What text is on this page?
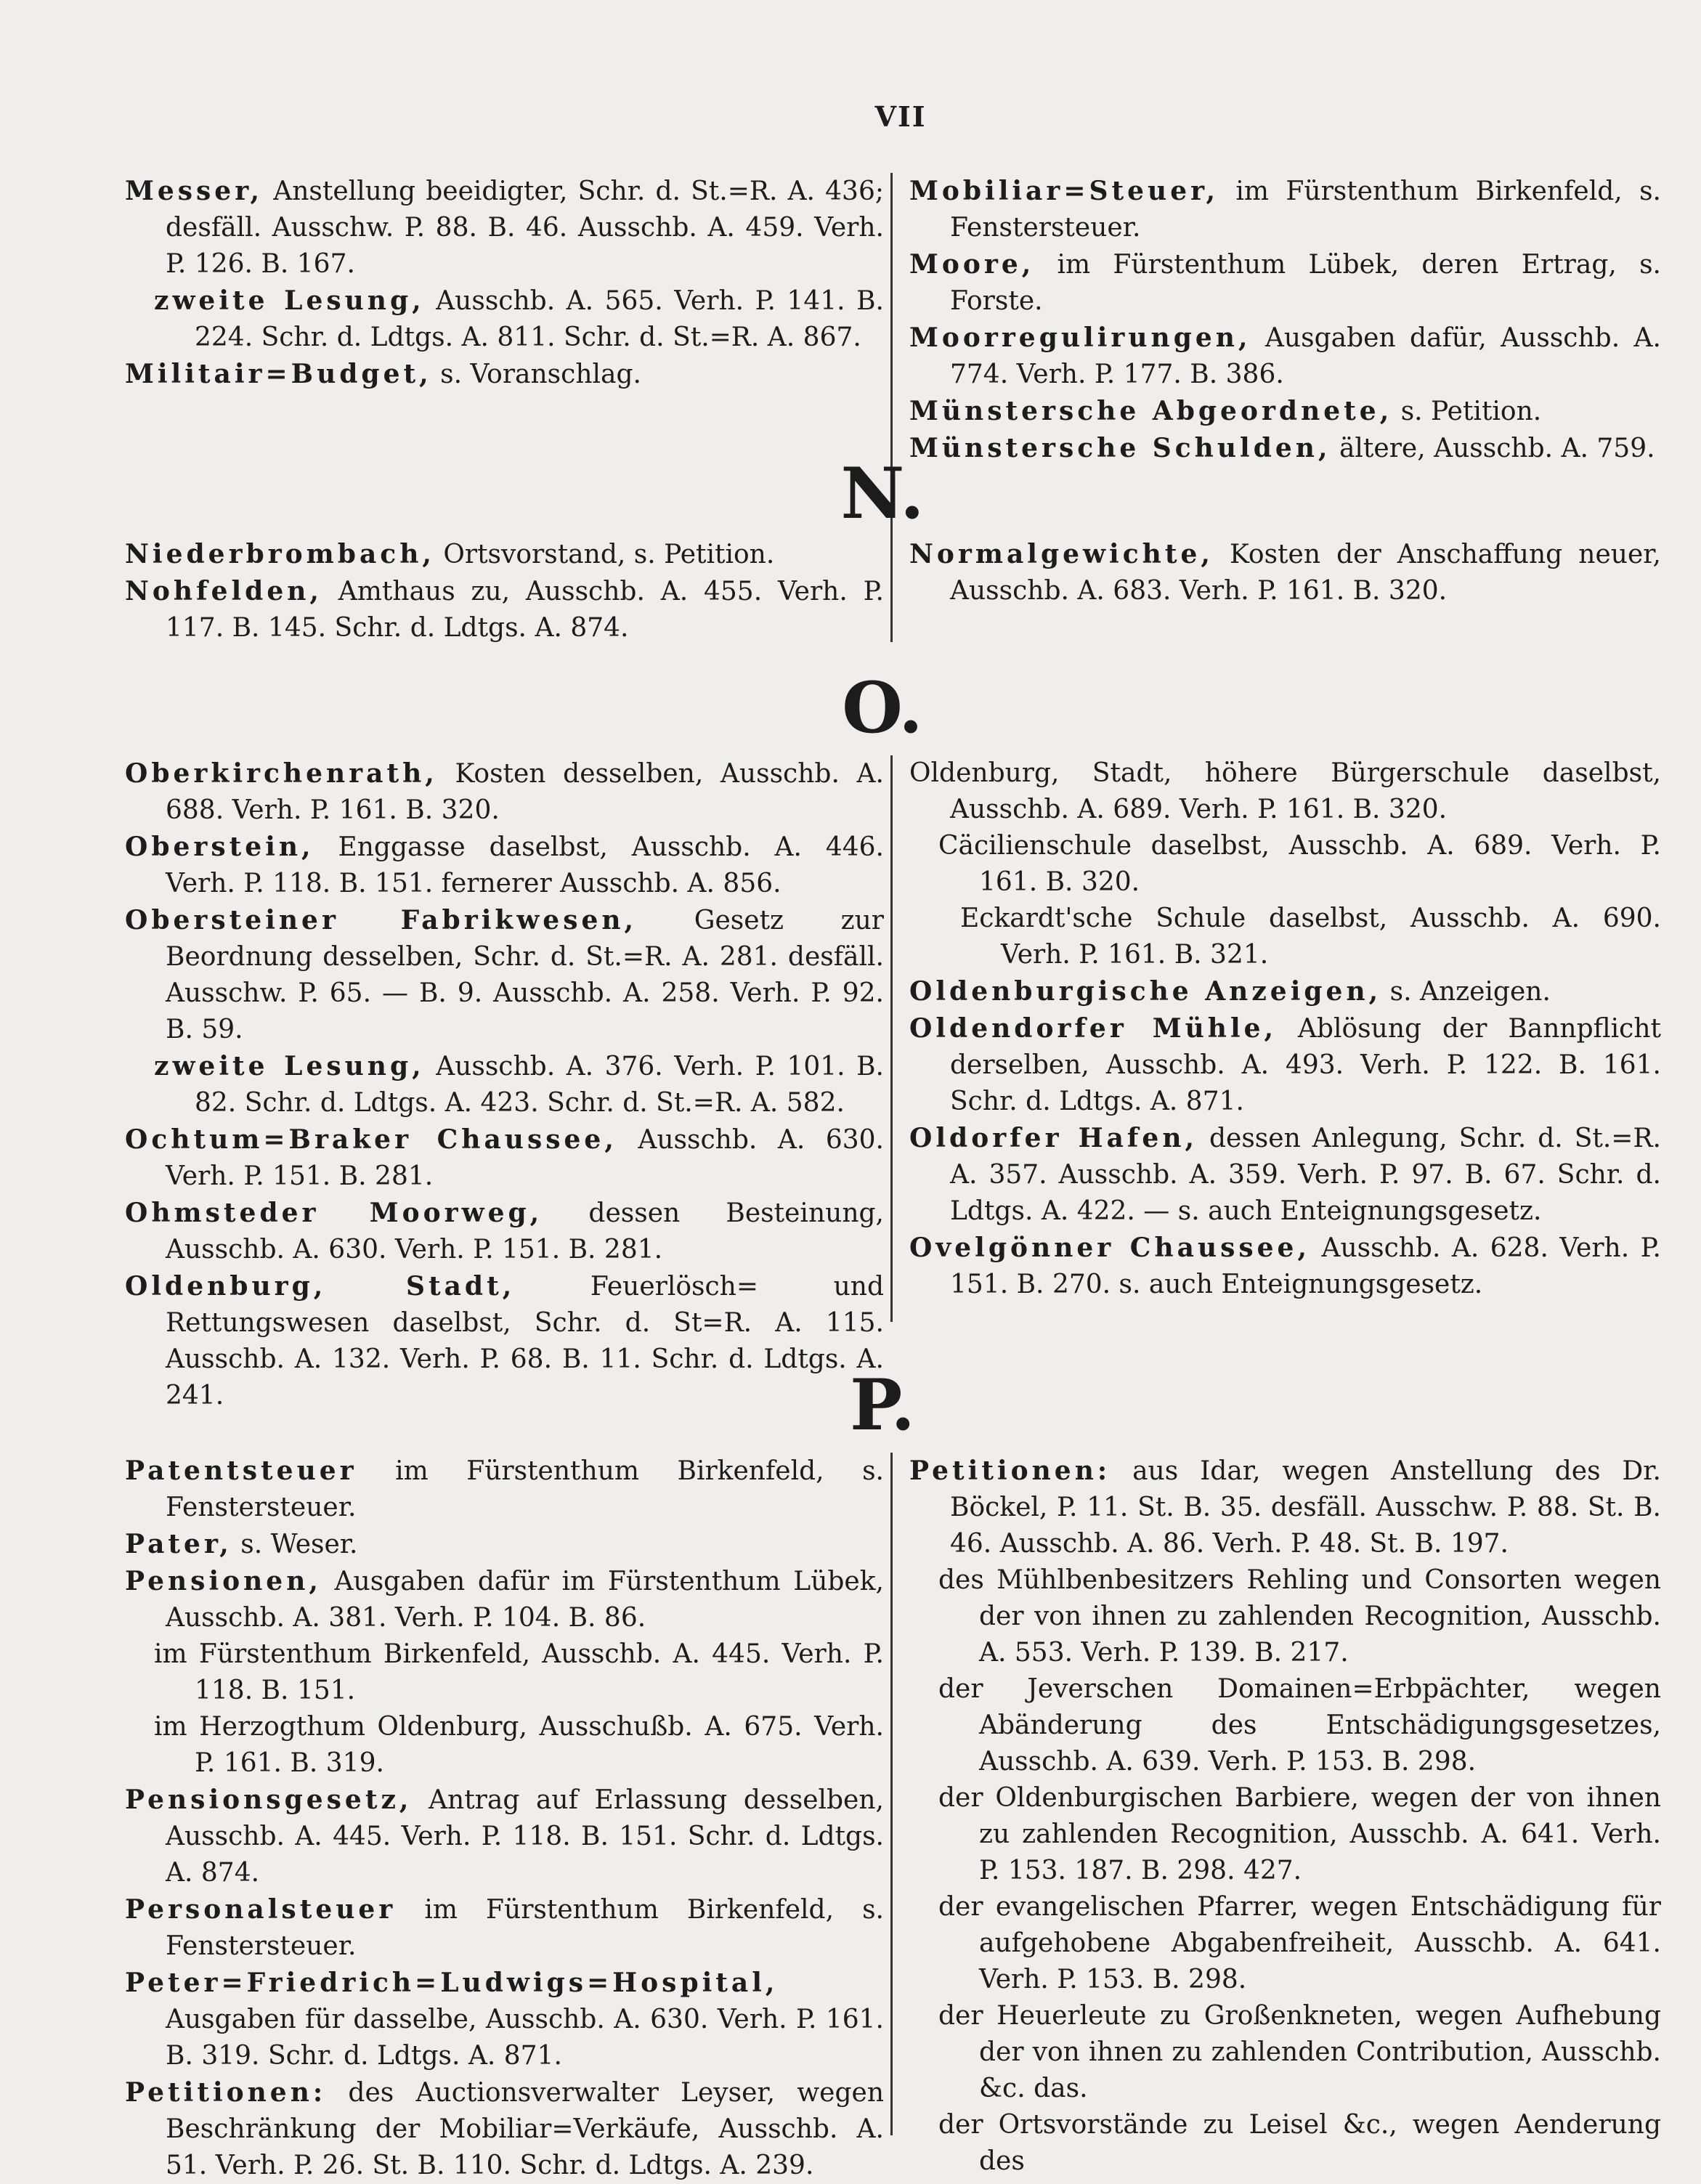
VII

Messer, Anstellung beeidigter, Schr. d. St.=R. A. 436; desfäll. Ausschw. P. 88. B. 46. Ausschb. A. 459. Verh. P. 126. B. 167.

zweite Lesung, Ausschb. A. 565. Verh. P. 141. B. 224. Schr. d. Ldtgs. A. 811. Schr. d. St.=R. A. 867.

Militair=Budget, s. Voranschlag.

Mobiliar=Steuer, im Fürstenthum Birkenfeld, s. Fenstersteuer.

Moore, im Fürstenthum Lübek, deren Ertrag, s. Forste.

Moorregulirungen, Ausgaben dafür, Ausschb. A. 774. Verh. P. 177. B. 386.

Münstersche Abgeordnete, s. Petition.

Münstersche Schulden, ältere, Ausschb. A. 759.

N.

Niederbrombach, Ortsvorstand, s. Petition.

Nohfelden, Amthaus zu, Ausschb. A. 455. Verh. P. 117. B. 145. Schr. d. Ldtgs. A. 874.

Normalgewichte, Kosten der Anschaffung neuer, Ausschb. A. 683. Verh. P. 161. B. 320.

O.

Oberkirchenrath, Kosten desselben, Ausschb. A. 688. Verh. P. 161. B. 320.

Oberstein, Enggasse daselbst, Ausschb. A. 446. Verh. P. 118. B. 151. fernerer Ausschb. A. 856.

Obersteiner Fabrikwesen, Gesetz zur Beordnung desselben, Schr. d. St.=R. A. 281. desfäll. Ausschw. P. 65. — B. 9. Ausschb. A. 258. Verh. P. 92. B. 59.

zweite Lesung, Ausschb. A. 376. Verh. P. 101. B. 82. Schr. d. Ldtgs. A. 423. Schr. d. St.=R. A. 582.

Ochtum=Braker Chaussee, Ausschb. A. 630. Verh. P. 151. B. 281.

Ohmsteder Moorweg, dessen Besteinung, Ausschb. A. 630. Verh. P. 151. B. 281.

Oldenburg, Stadt, Feuerlösch= und Rettungswesen daselbst, Schr. d. St=R. A. 115. Ausschb. A. 132. Verh. P. 68. B. 11. Schr. d. Ldtgs. A. 241.

Oldenburg, Stadt, höhere Bürgerschule daselbst, Ausschb. A. 689. Verh. P. 161. B. 320.

Cäcilienschule daselbst, Ausschb. A. 689. Verh. P. 161. B. 320.

Eckardt'sche Schule daselbst, Ausschb. A. 690. Verh. P. 161. B. 321.

Oldenburgische Anzeigen, s. Anzeigen.

Oldendorfer Mühle, Ablösung der Bannpflicht derselben, Ausschb. A. 493. Verh. P. 122. B. 161. Schr. d. Ldtgs. A. 871.

Oldorfer Hafen, dessen Anlegung, Schr. d. St.=R. A. 357. Ausschb. A. 359. Verh. P. 97. B. 67. Schr. d. Ldtgs. A. 422. — s. auch Enteignungsgesetz.

Ovelgönner Chaussee, Ausschb. A. 628. Verh. P. 151. B. 270. s. auch Enteignungsgesetz.

P.

Patentsteuer im Fürstenthum Birkenfeld, s. Fenstersteuer.

Pater, s. Weser.

Pensionen, Ausgaben dafür im Fürstenthum Lübek, Ausschb. A. 381. Verh. P. 104. B. 86.

im Fürstenthum Birkenfeld, Ausschb. A. 445. Verh. P. 118. B. 151.

im Herzogthum Oldenburg, Ausschußb. A. 675. Verh. P. 161. B. 319.

Pensionsgesetz, Antrag auf Erlassung desselben, Ausschb. A. 445. Verh. P. 118. B. 151. Schr. d. Ldtgs. A. 874.

Personalsteuer im Fürstenthum Birkenfeld, s. Fenstersteuer.

Peter=Friedrich=Ludwigs=Hospital, Ausgaben für dasselbe, Ausschb. A. 630. Verh. P. 161. B. 319. Schr. d. Ldtgs. A. 871.

Petitionen: des Auctionsverwalter Leyser, wegen Beschränkung der Mobiliar=Verkäufe, Ausschb. A. 51. Verh. P. 26. St. B. 110. Schr. d. Ldtgs. A. 239.

Petitionen: aus Idar, wegen Anstellung des Dr. Böckel, P. 11. St. B. 35. desfäll. Ausschw. P. 88. St. B. 46. Ausschb. A. 86. Verh. P. 48. St. B. 197.

des Mühlbenbesitzers Rehling und Consorten wegen der von ihnen zu zahlenden Recognition, Ausschb. A. 553. Verh. P. 139. B. 217.

der Jeverschen Domainen=Erbpächter, wegen Abänderung des Entschädigungsgesetzes, Ausschb. A. 639. Verh. P. 153. B. 298.

der Oldenburgischen Barbiere, wegen der von ihnen zu zahlenden Recognition, Ausschb. A. 641. Verh. P. 153. 187. B. 298. 427.

der evangelischen Pfarrer, wegen Entschädigung für aufgehobene Abgabenfreiheit, Ausschb. A. 641. Verh. P. 153. B. 298.

der Heuerleute zu Großenkneten, wegen Aufhebung der von ihnen zu zahlenden Contribution, Ausschb. &c. das.

der Ortsvorstände zu Leisel &c., wegen Aenderung des
